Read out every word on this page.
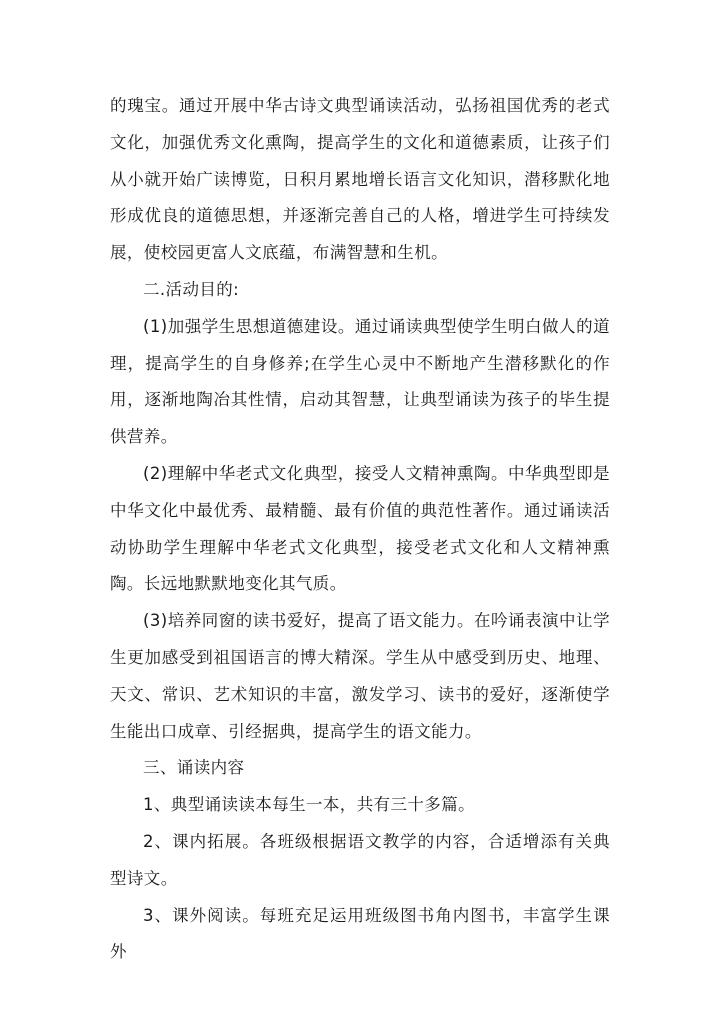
的瑰宝。通过开展中华古诗文典型诵读活动，弘扬祖国优秀的老式文化，加强优秀文化熏陶，提高学生的文化和道德素质，让孩子们从小就开始广读博览，日积月累地增长语言文化知识，潜移默化地形成优良的道德思想，并逐渐完善自己的人格，增进学生可持续发展，使校园更富人文底蕴，布满智慧和生机。

二.活动目的:

(1)加强学生思想道德建设。通过诵读典型使学生明白做人的道理，提高学生的自身修养;在学生心灵中不断地产生潜移默化的作用，逐渐地陶冶其性情，启动其智慧，让典型诵读为孩子的毕生提供营养。

(2)理解中华老式文化典型，接受人文精神熏陶。中华典型即是中华文化中最优秀、最精髓、最有价值的典范性著作。通过诵读活动协助学生理解中华老式文化典型，接受老式文化和人文精神熏陶。长远地默默地变化其气质。

(3)培养同窗的读书爱好，提高了语文能力。在吟诵表演中让学生更加感受到祖国语言的博大精深。学生从中感受到历史、地理、天文、常识、艺术知识的丰富，激发学习、读书的爱好，逐渐使学生能出口成章、引经据典，提高学生的语文能力。

三、诵读内容

1、典型诵读读本每生一本，共有三十多篇。

2、课内拓展。各班级根据语文教学的内容，合适增添有关典型诗文。

3、课外阅读。每班充足运用班级图书角内图书，丰富学生课外
